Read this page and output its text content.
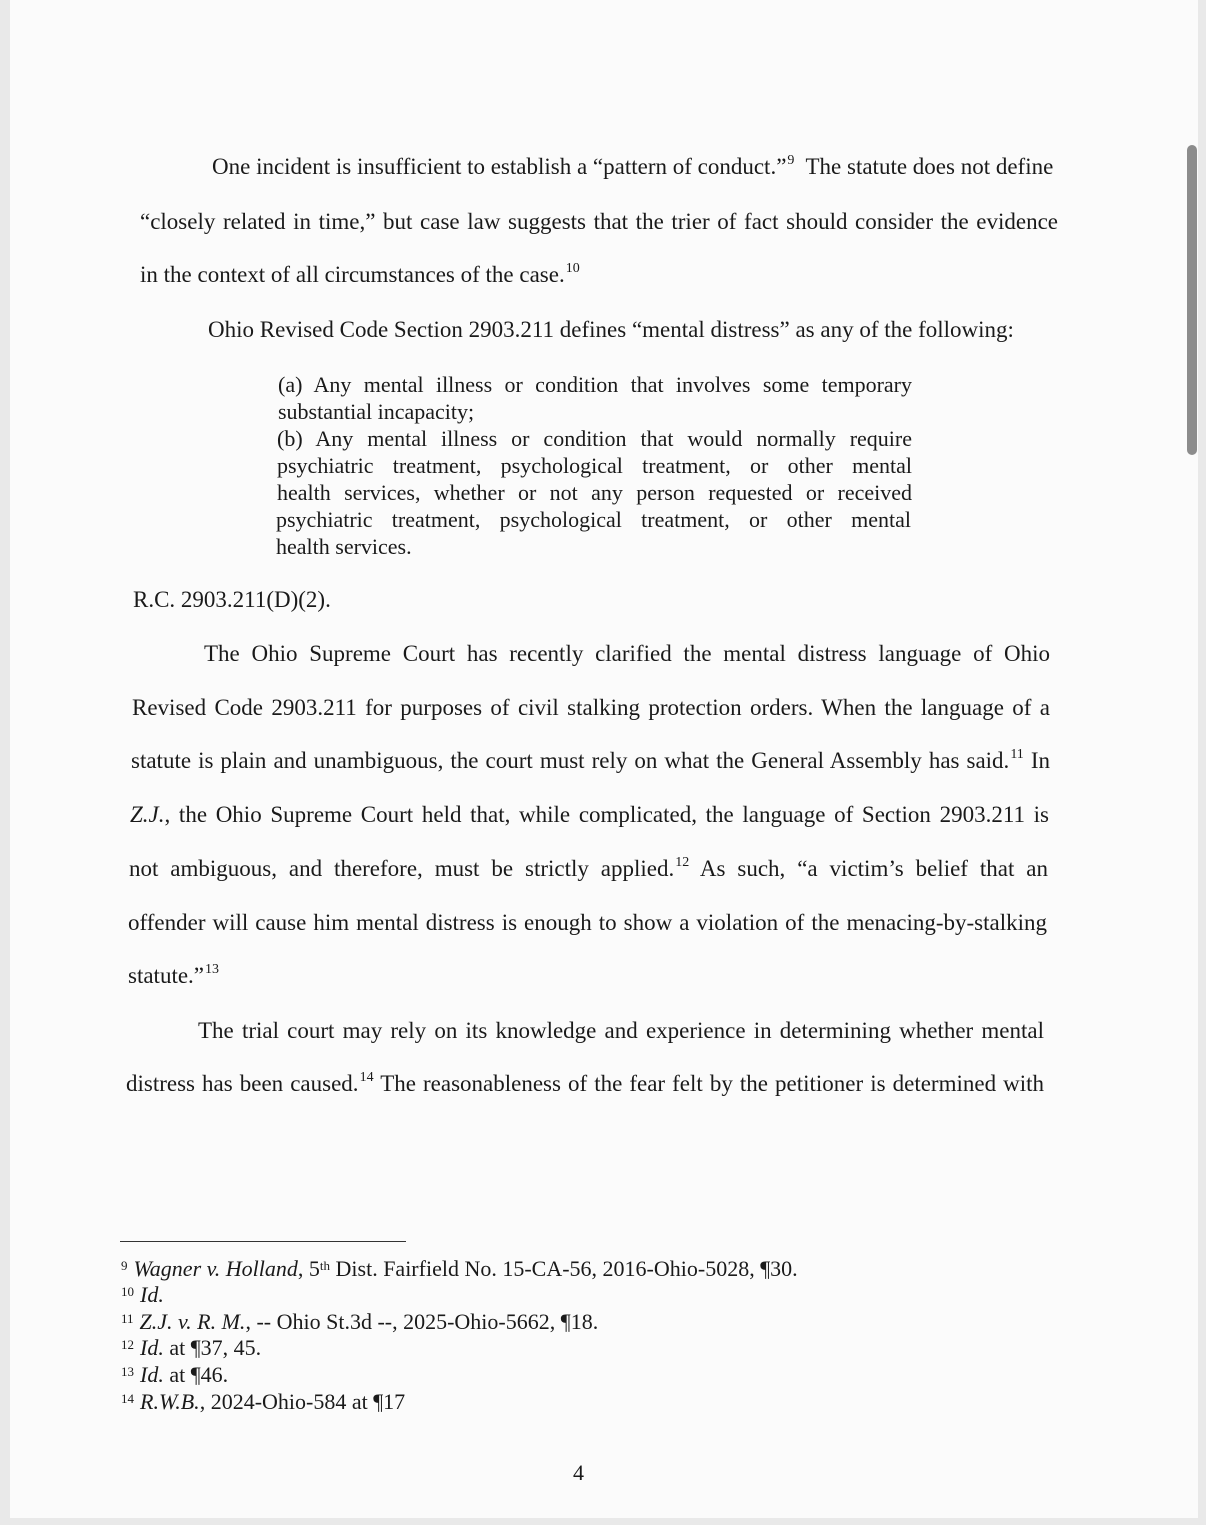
One incident is insufficient to establish a “pattern of conduct.”$^9$ The statute does not define
“closely related in time,” but case law suggests that the trier of fact should consider the evidence
in the context of all circumstances of the case.$^{10}$
Ohio Revised Code Section 2903.211 defines “mental distress” as any of the following:
(a) Any mental illness or condition that involves some temporary
substantial incapacity;
(b) Any mental illness or condition that would normally require
psychiatric treatment, psychological treatment, or other mental
health services, whether or not any person requested or received
psychiatric treatment, psychological treatment, or other mental
health services.
R.C. 2903.211(D)(2).
The Ohio Supreme Court has recently clarified the mental distress language of Ohio
Revised Code 2903.211 for purposes of civil stalking protection orders. When the language of a
statute is plain and unambiguous, the court must rely on what the General Assembly has said.$^{11}$ In
Z.J., the Ohio Supreme Court held that, while complicated, the language of Section 2903.211 is
not ambiguous, and therefore, must be strictly applied.$^{12}$ As such, “a victim’s belief that an
offender will cause him mental distress is enough to show a violation of the menacing-by-stalking
statute.”$^{13}$
The trial court may rely on its knowledge and experience in determining whether mental
distress has been caused.$^{14}$ The reasonableness of the fear felt by the petitioner is determined with
$^9$ Wagner v. Holland, 5th Dist. Fairfield No. 15-CA-56, 2016-Ohio-5028, ¶30.
$^{10}$ Id.
$^{11}$ Z.J. v. R. M., -- Ohio St.3d --, 2025-Ohio-5662, ¶18.
$^{12}$ Id. at ¶37, 45.
$^{13}$ Id. at ¶46.
$^{14}$ R.W.B., 2024-Ohio-584 at ¶17
4
